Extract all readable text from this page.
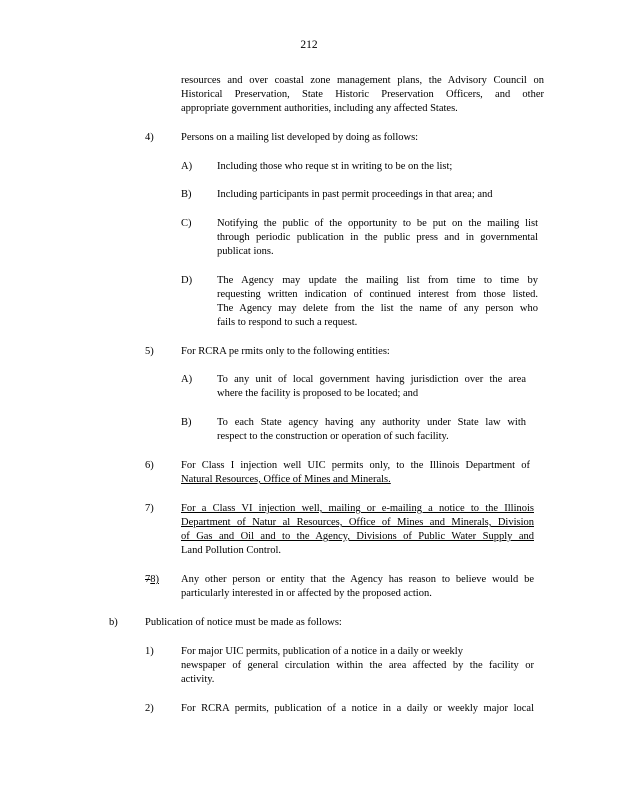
212
resources and over coastal zone management plans, the Advisory Council on
Historical Preservation, State Historic Preservation Officers, and other
appropriate government authorities, including any affected States.
4)	Persons on a mailing list developed by doing as follows:
A) Including those who reque st in writing to be on the list;
B) Including participants in past permit proceedings in that area; and
C) Notifying the public of the opportunity to be put on the mailing list
through periodic publication in the public press and in governmental
publicat ions.
D) The Agency may update the mailing list from time to time by
requesting written indication of continued interest from those listed.
The Agency may delete from the list the name of any person who
fails to respond to such a request.
5)	For RCRA pe rmits only to the following entities:
A) To any unit of local government having jurisdiction over the area
where the facility is proposed to be located; and
B) To each State agency having any authority under State law with
respect to the construction or operation of such facility.
6)	For Class I injection well UIC permits only, to the Illinois Department of
Natural Resources, Office of Mines and Minerals.
7)	For a Class VI injection well, mailing or e-mailing a notice to the Illinois
Department of Natur al Resources, Office of Mines and Minerals, Division
of Gas and Oil and to the Agency, Divisions of Public Water Supply and
Land Pollution Control.
78) Any other person or entity that the Agency has reason to believe would be
particularly interested in or affected by the proposed action.
b)	Publication of notice must be made as follows:
1)	For major UIC permits, publication of a notice in a daily or weekly
newspaper of general circulation within the area affected by the facility or
activity.
2)	For RCRA permits, publication of a notice in a daily or weekly major local
